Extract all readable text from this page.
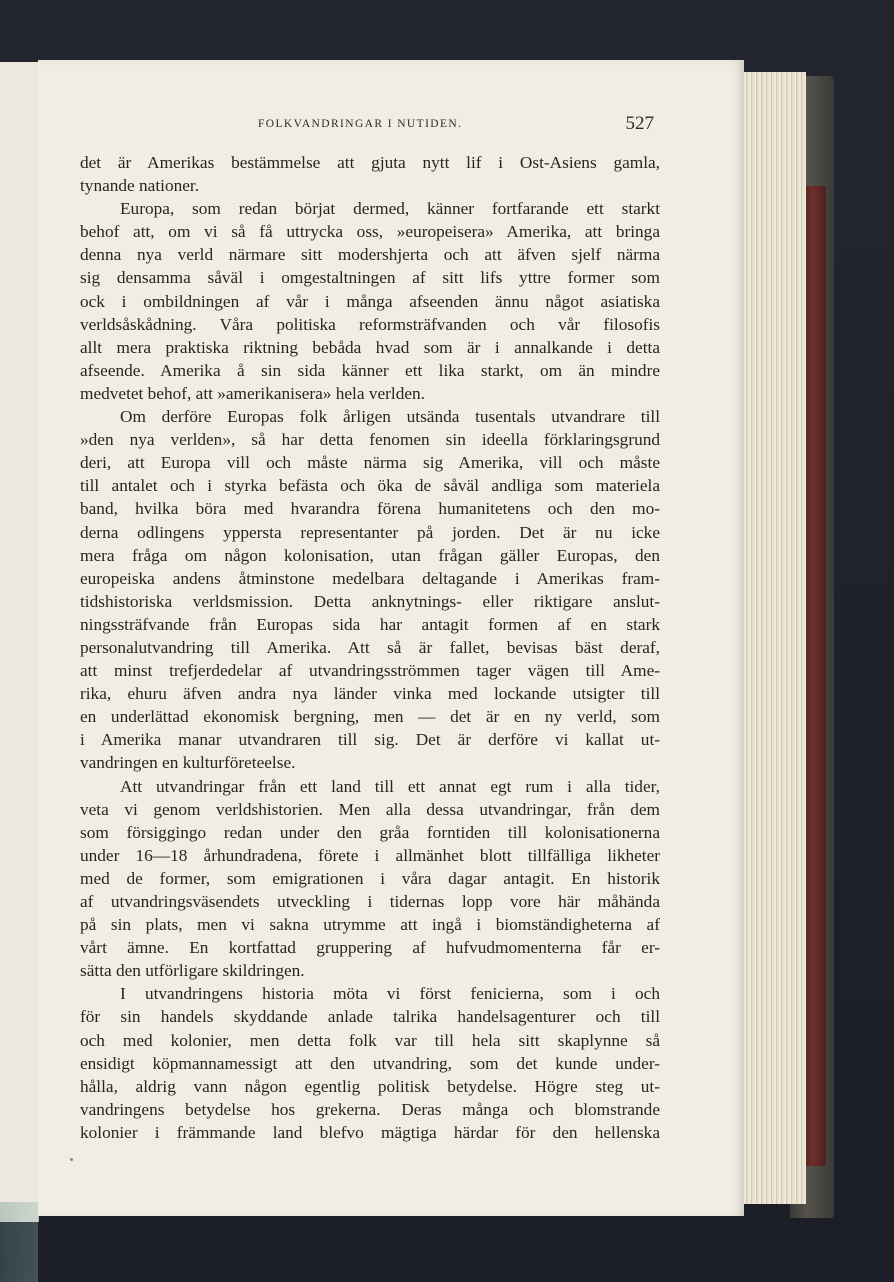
FOLKVANDRINGAR I NUTIDEN.	527
det är Amerikas bestämmelse att gjuta nytt lif i Ost-Asiens gamla,
tynande nationer.
Europa, som redan börjat dermed, känner fortfarande ett starkt
behof att, om vi så få uttrycka oss, »europeisera» Amerika, att bringa
denna nya verld närmare sitt modershjerta och att äfven sjelf närma
sig densamma såväl i omgestaltningen af sitt lifs yttre former som
ock i ombildningen af vår i många afseenden ännu något asiatiska
verldsåskådning. Våra politiska reformsträfvanden och vår filosofis
allt mera praktiska riktning bebåda hvad som är i annalkande i detta
afseende. Amerika å sin sida känner ett lika starkt, om än mindre
medvetet behof, att »amerikanisera» hela verlden.
Om derföre Europas folk årligen utsända tusentals utvandrare till
»den nya verlden», så har detta fenomen sin ideella förklaringsgrund
deri, att Europa vill och måste närma sig Amerika, vill och måste
till antalet och i styrka befästa och öka de såväl andliga som materiela
band, hvilka böra med hvarandra förena humanitetens och den mo-
derna odlingens yppersta representanter på jorden. Det är nu icke
mera fråga om någon kolonisation, utan frågan gäller Europas, den
europeiska andens åtminstone medelbara deltagande i Amerikas fram-
tidshistoriska verldsmission. Detta anknytnings- eller riktigare anslut-
ningssträfvande från Europas sida har antagit formen af en stark
personalutvandring till Amerika. Att så är fallet, bevisas bäst deraf,
att minst trefjerdedelar af utvandringsströmmen tager vägen till Ame-
rika, ehuru äfven andra nya länder vinka med lockande utsigter till
en underlättad ekonomisk bergning, men — det är en ny verld, som
i Amerika manar utvandraren till sig. Det är derföre vi kallat ut-
vandringen en kulturföreteelse.
Att utvandringar från ett land till ett annat egt rum i alla tider,
veta vi genom verldshistorien. Men alla dessa utvandringar, från dem
som försiggingo redan under den gråa forntiden till kolonisationerna
under 16—18 århundradena, förete i allmänhet blott tillfälliga likheter
med de former, som emigrationen i våra dagar antagit. En historik
af utvandringsväsendets utveckling i tidernas lopp vore här måhända
på sin plats, men vi sakna utrymme att ingå i biomständigheterna af
vårt ämne. En kortfattad gruppering af hufvudmomenterna får er-
sätta den utförligare skildringen.
I utvandringens historia möta vi först fenicierna, som i och
för sin handels skyddande anlade talrika handelsagenturer och till
och med kolonier, men detta folk var till hela sitt skaplynne så
ensidigt köpmannamessigt att den utvandring, som det kunde under-
hålla, aldrig vann någon egentlig politisk betydelse. Högre steg ut-
vandringens betydelse hos grekerna. Deras många och blomstrande
kolonier i främmande land blefvo mägtiga härdar för den hellenska
